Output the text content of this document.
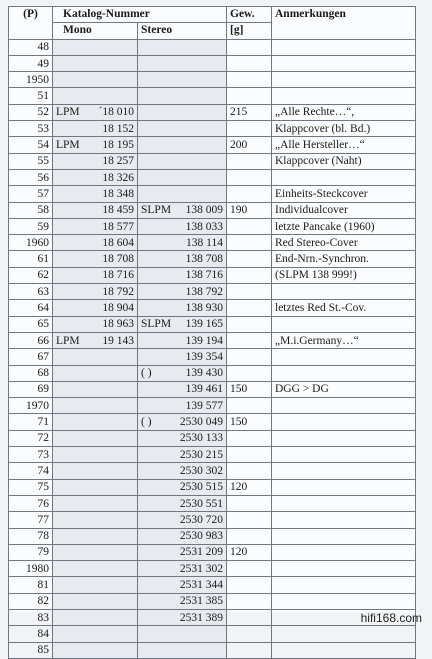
(P)	Katalog-Nummer		Gew.	Anmerkungen
	Mono	Stereo	[g]	
48	

49	

1950	

51	

52	LPM ´18 010		215	„Alle Rechte…“,
53	18 152			Klappcover (bl. Bd.)
54	LPM 18 195		200	„Alle Hersteller…“
55	18 257			Klappcover (Naht)
56	18 326			

57	18 348			Einheits-Steckcover
58	18 459	SLPM 138 009	190	Individualcover
59	18 577	138 033		letzte Pancake (1960)
1960	18 604	138 114		Red Stereo-Cover
61	18 708	138 708		End-Nrn.-Synchron.
62	18 716	138 716		(SLPM 138 999!)
63	18 792	138 792		

64	18 904	138 930		letztes Red St.-Cov.
65	18 963	SLPM 139 165		

66	LPM 19 143	139 194		„M.i.Germany…“
67		139 354		

68		( ) 139 430		

69		139 461	150	DGG > DG
1970		139 577		

71		( ) 2530 049	150	
72		2530 133		

73		2530 215		

74		2530 302		

75		2530 515	120	
76		2530 551		

77		2530 720		

78		2530 983		

79		2531 209	120	
1980		2531 302		

81		2531 344		

82		2531 385		

83		2531 389		

84	

85	

hifi168.com
